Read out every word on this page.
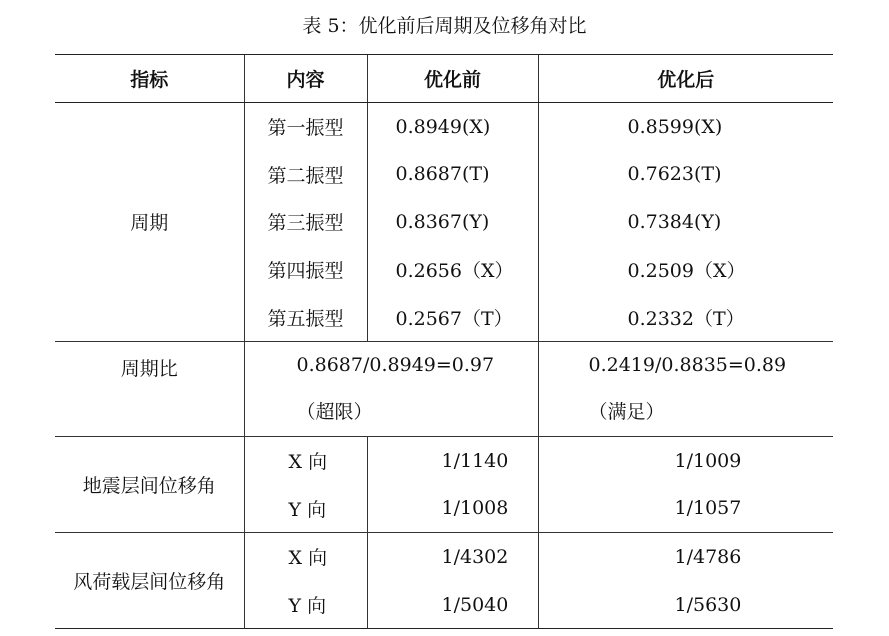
表 5：优化前后周期及位移角对比
指标	内容	优化前	优化后
周期	第一振型	0.8949(X)	0.8599(X)
	第二振型	0.8687(T)	0.7623(T)
	第三振型	0.8367(Y)	0.7384(Y)
	第四振型	0.2656（X）	0.2509（X）
	第五振型	0.2567（T）	0.2332（T）
周期比	0.8687/0.8949=0.97（超限）		0.2419/0.8835=0.89（满足）
地震层间位移角	X 向	1/1140	1/1009
	Y 向	1/1008	1/1057
风荷载层间位移角	X 向	1/4302	1/4786
	Y 向	1/5040	1/5630
